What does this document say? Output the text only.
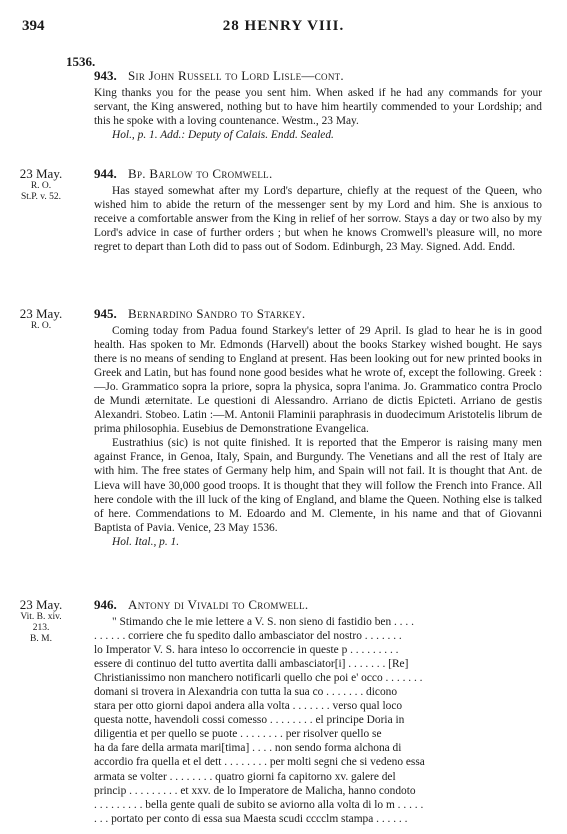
394	28 HENRY VIII.
1536.
943. Sir John Russell to Lord Lisle—cont.

King thanks you for the pease you sent him. When asked if he had any commands for your servant, the King answered, nothing but to have him heartily commended to your Lordship; and this he spoke with a loving countenance. Westm., 23 May.

Hol., p. 1. Add.: Deputy of Calais. Endd. Sealed.

23 May.
R. O.
St.P. v. 52.
944. Bp. Barlow to Cromwell.

Has stayed somewhat after my Lord's departure, chiefly at the request of the Queen, who wished him to abide the return of the messenger sent by my Lord and him. She is anxious to receive a comfortable answer from the King in relief of her sorrow. Stays a day or two also by my Lord's advice in case of further orders ; but when he knows Cromwell's pleasure will, no more regret to depart than Loth did to pass out of Sodom. Edinburgh, 23 May. Signed. Add. Endd.

23 May.
R. O.
945. Bernardino Sandro to Starkey.

Coming today from Padua found Starkey's letter of 29 April. Is glad to hear he is in good health. Has spoken to Mr. Edmonds (Harvell) about the books Starkey wished bought. He says there is no means of sending to England at present. Has been looking out for new printed books in Greek and Latin, but has found none good besides what he wrote of, except the following. Greek :—Jo. Grammatico sopra la priore, sopra la physica, sopra l'anima. Jo. Grammatico contra Proclo de Mundi æternitate. Le questioni di Alessandro. Arriano de dictis Epicteti. Arriano de gestis Alexandri. Stobeo. Latin :—M. Antonii Flaminii paraphrasis in duodecimum Aristotelis librum de prima philosophia. Eusebius de Demonstratione Evangelica.

Eustrathius (sic) is not quite finished. It is reported that the Emperor is raising many men against France, in Genoa, Italy, Spain, and Burgundy. The Venetians and all the rest of Italy are with him. The free states of Germany help him, and Spain will not fail. It is thought that Ant. de Lieva will have 30,000 good troops. It is thought that they will follow the French into France. All here condole with the ill luck of the king of England, and blame the Queen. Nothing else is talked of here. Commendations to M. Edoardo and M. Clemente, in his name and that of Giovanni Baptista of Pavia. Venice, 23 May 1536.

Hol. Ital., p. 1.

23 May.
Vit. B. xiv.
213.
B. M.
946. Antony di Vivaldi to Cromwell.

" Stimando che le mie lettere a V. S. non sieno di fastidio ben . . . .

. . . . . . corriere che fu spedito dallo ambasciator del nostro . . . . . . .

lo Imperator V. S. hara inteso lo occorrencie in queste p . . . . . . . . .

essere di continuo del tutto avertita dalli ambasciator[i] . . . . . . . [Re]

Christianissimo non manchero notificarli quello che poi e' occo . . . . . . .

domani si trovera in Alexandria con tutta la sua co . . . . . . . dicono

stara per otto giorni dapoi andera alla volta . . . . . . . verso qual loco

questa notte, havendoli cossi comesso . . . . . . . . el principe Doria in

diligentia et per quello se puote . . . . . . . . per risolver quello se

ha da fare della armata mari[tima] . . . . non sendo forma alchona di

accordio fra quella et el dett . . . . . . . . per molti segni che si vedeno essa

armata se volter . . . . . . . . quatro giorni fa capitorno xv. galere del

princip . . . . . . . . . et xxv. de lo Imperatore de Malicha, hanno condoto

. . . . . . . . . bella gente quali de subito se aviorno alla volta di lo m . . . . .

. . . portato per conto di essa sua Maesta scudi cccclm stampa . . . . . .
